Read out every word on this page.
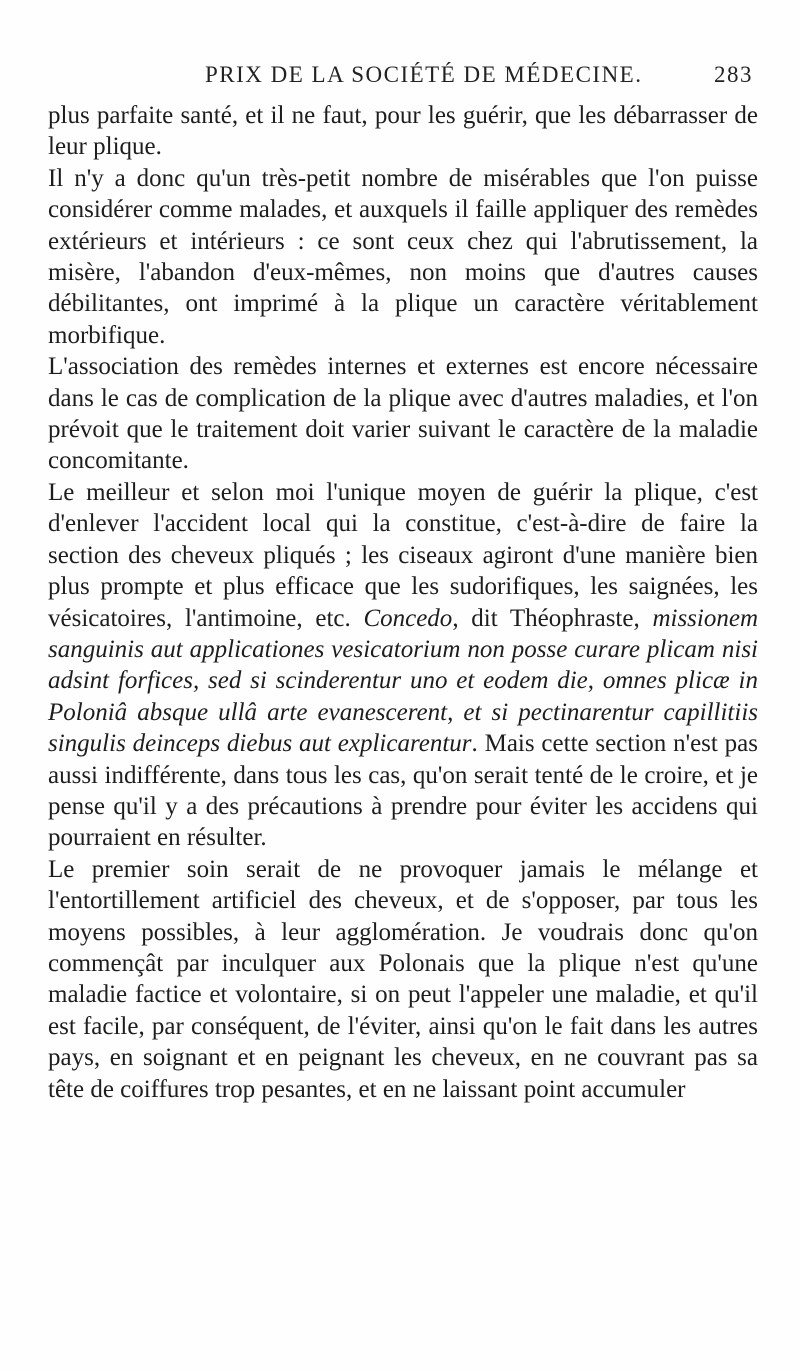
PRIX DE LA SOCIÉTÉ DE MÉDECINE.	283

plus parfaite santé, et il ne faut, pour les guérir, que les débarrasser de leur plique.

Il n'y a donc qu'un très-petit nombre de misérables que l'on puisse considérer comme malades, et auxquels il faille appliquer des remèdes extérieurs et intérieurs : ce sont ceux chez qui l'abrutissement, la misère, l'abandon d'eux-mêmes, non moins que d'autres causes débilitantes, ont imprimé à la plique un caractère véritablement morbifique.

L'association des remèdes internes et externes est encore nécessaire dans le cas de complication de la plique avec d'autres maladies, et l'on prévoit que le traitement doit varier suivant le caractère de la maladie concomitante.

Le meilleur et selon moi l'unique moyen de guérir la plique, c'est d'enlever l'accident local qui la constitue, c'est-à-dire de faire la section des cheveux pliqués ; les ciseaux agiront d'une manière bien plus prompte et plus efficace que les sudorifiques, les saignées, les vésicatoires, l'antimoine, etc. Concedo, dit Théophraste, missionem sanguinis aut applicationes vesicatorium non posse curare plicam nisi adsint forfices, sed si scinderentur uno et eodem die, omnes plicæ in Poloniâ absque ullâ arte evanescerent, et si pectinarentur capillitiis singulis deinceps diebus aut explicarentur. Mais cette section n'est pas aussi indifférente, dans tous les cas, qu'on serait tenté de le croire, et je pense qu'il y a des précautions à prendre pour éviter les accidens qui pourraient en résulter.

Le premier soin serait de ne provoquer jamais le mélange et l'entortillement artificiel des cheveux, et de s'opposer, par tous les moyens possibles, à leur agglomération. Je voudrais donc qu'on commençât par inculquer aux Polonais que la plique n'est qu'une maladie factice et volontaire, si on peut l'appeler une maladie, et qu'il est facile, par conséquent, de l'éviter, ainsi qu'on le fait dans les autres pays, en soignant et en peignant les cheveux, en ne couvrant pas sa tête de coiffures trop pesantes, et en ne laissant point accumuler
